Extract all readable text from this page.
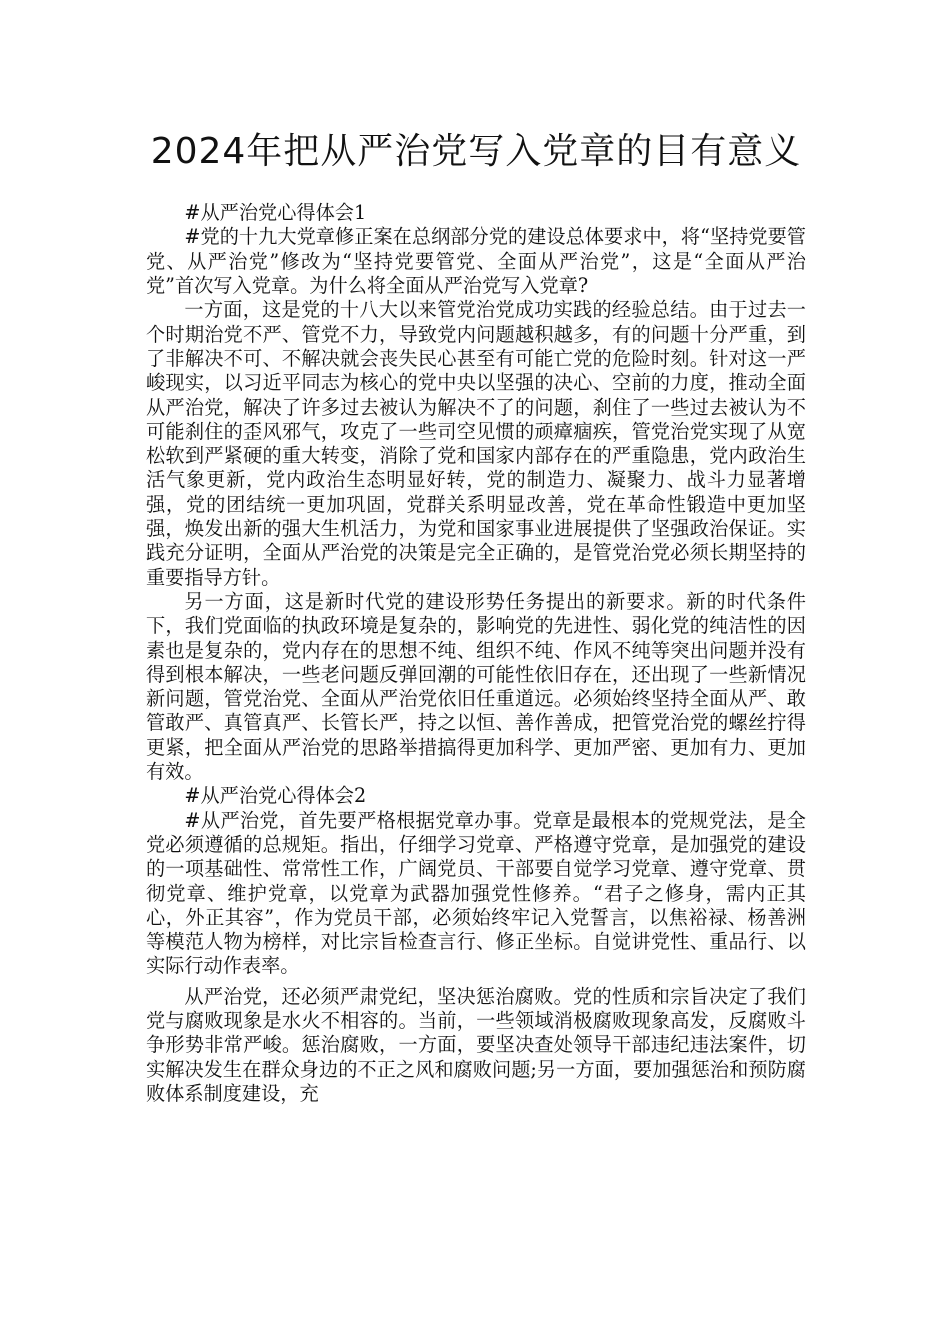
2024年把从严治党写入党章的目有意义

#从严治党心得体会1

#党的十九大党章修正案在总纲部分党的建设总体要求中，将“坚持党要管党、从严治党”修改为“坚持党要管党、全面从严治党”，这是“全面从严治党”首次写入党章。为什么将全面从严治党写入党章?

一方面，这是党的十八大以来管党治党成功实践的经验总结。由于过去一个时期治党不严、管党不力，导致党内问题越积越多，有的问题十分严重，到了非解决不可、不解决就会丧失民心甚至有可能亡党的危险时刻。针对这一严峻现实，以习近平同志为核心的党中央以坚强的决心、空前的力度，推动全面从严治党，解决了许多过去被认为解决不了的问题，刹住了一些过去被认为不可能刹住的歪风邪气，攻克了一些司空见惯的顽瘴痼疾，管党治党实现了从宽松软到严紧硬的重大转变，消除了党和国家内部存在的严重隐患，党内政治生活气象更新，党内政治生态明显好转，党的制造力、凝聚力、战斗力显著增强，党的团结统一更加巩固，党群关系明显改善，党在革命性锻造中更加坚强，焕发出新的强大生机活力，为党和国家事业进展提供了坚强政治保证。实践充分证明，全面从严治党的决策是完全正确的，是管党治党必须长期坚持的重要指导方针。

另一方面，这是新时代党的建设形势任务提出的新要求。新的时代条件下，我们党面临的执政环境是复杂的，影响党的先进性、弱化党的纯洁性的因素也是复杂的，党内存在的思想不纯、组织不纯、作风不纯等突出问题并没有得到根本解决，一些老问题反弹回潮的可能性依旧存在，还出现了一些新情况新问题，管党治党、全面从严治党依旧任重道远。必须始终坚持全面从严、敢管敢严、真管真严、长管长严，持之以恒、善作善成，把管党治党的螺丝拧得更紧，把全面从严治党的思路举措搞得更加科学、更加严密、更加有力、更加有效。

#从严治党心得体会2

#从严治党，首先要严格根据党章办事。党章是最根本的党规党法，是全党必须遵循的总规矩。指出，仔细学习党章、严格遵守党章，是加强党的建设的一项基础性、常常性工作，广阔党员、干部要自觉学习党章、遵守党章、贯彻党章、维护党章，以党章为武器加强党性修养。“君子之修身，需内正其心，外正其容”，作为党员干部，必须始终牢记入党誓言，以焦裕禄、杨善洲等模范人物为榜样，对比宗旨检查言行、修正坐标。自觉讲党性、重品行、以实际行动作表率。

从严治党，还必须严肃党纪，坚决惩治腐败。党的性质和宗旨决定了我们党与腐败现象是水火不相容的。当前，一些领域消极腐败现象高发，反腐败斗争形势非常严峻。惩治腐败，一方面，要坚决查处领导干部违纪违法案件，切实解决发生在群众身边的不正之风和腐败问题;另一方面，要加强惩治和预防腐败体系制度建设，充
